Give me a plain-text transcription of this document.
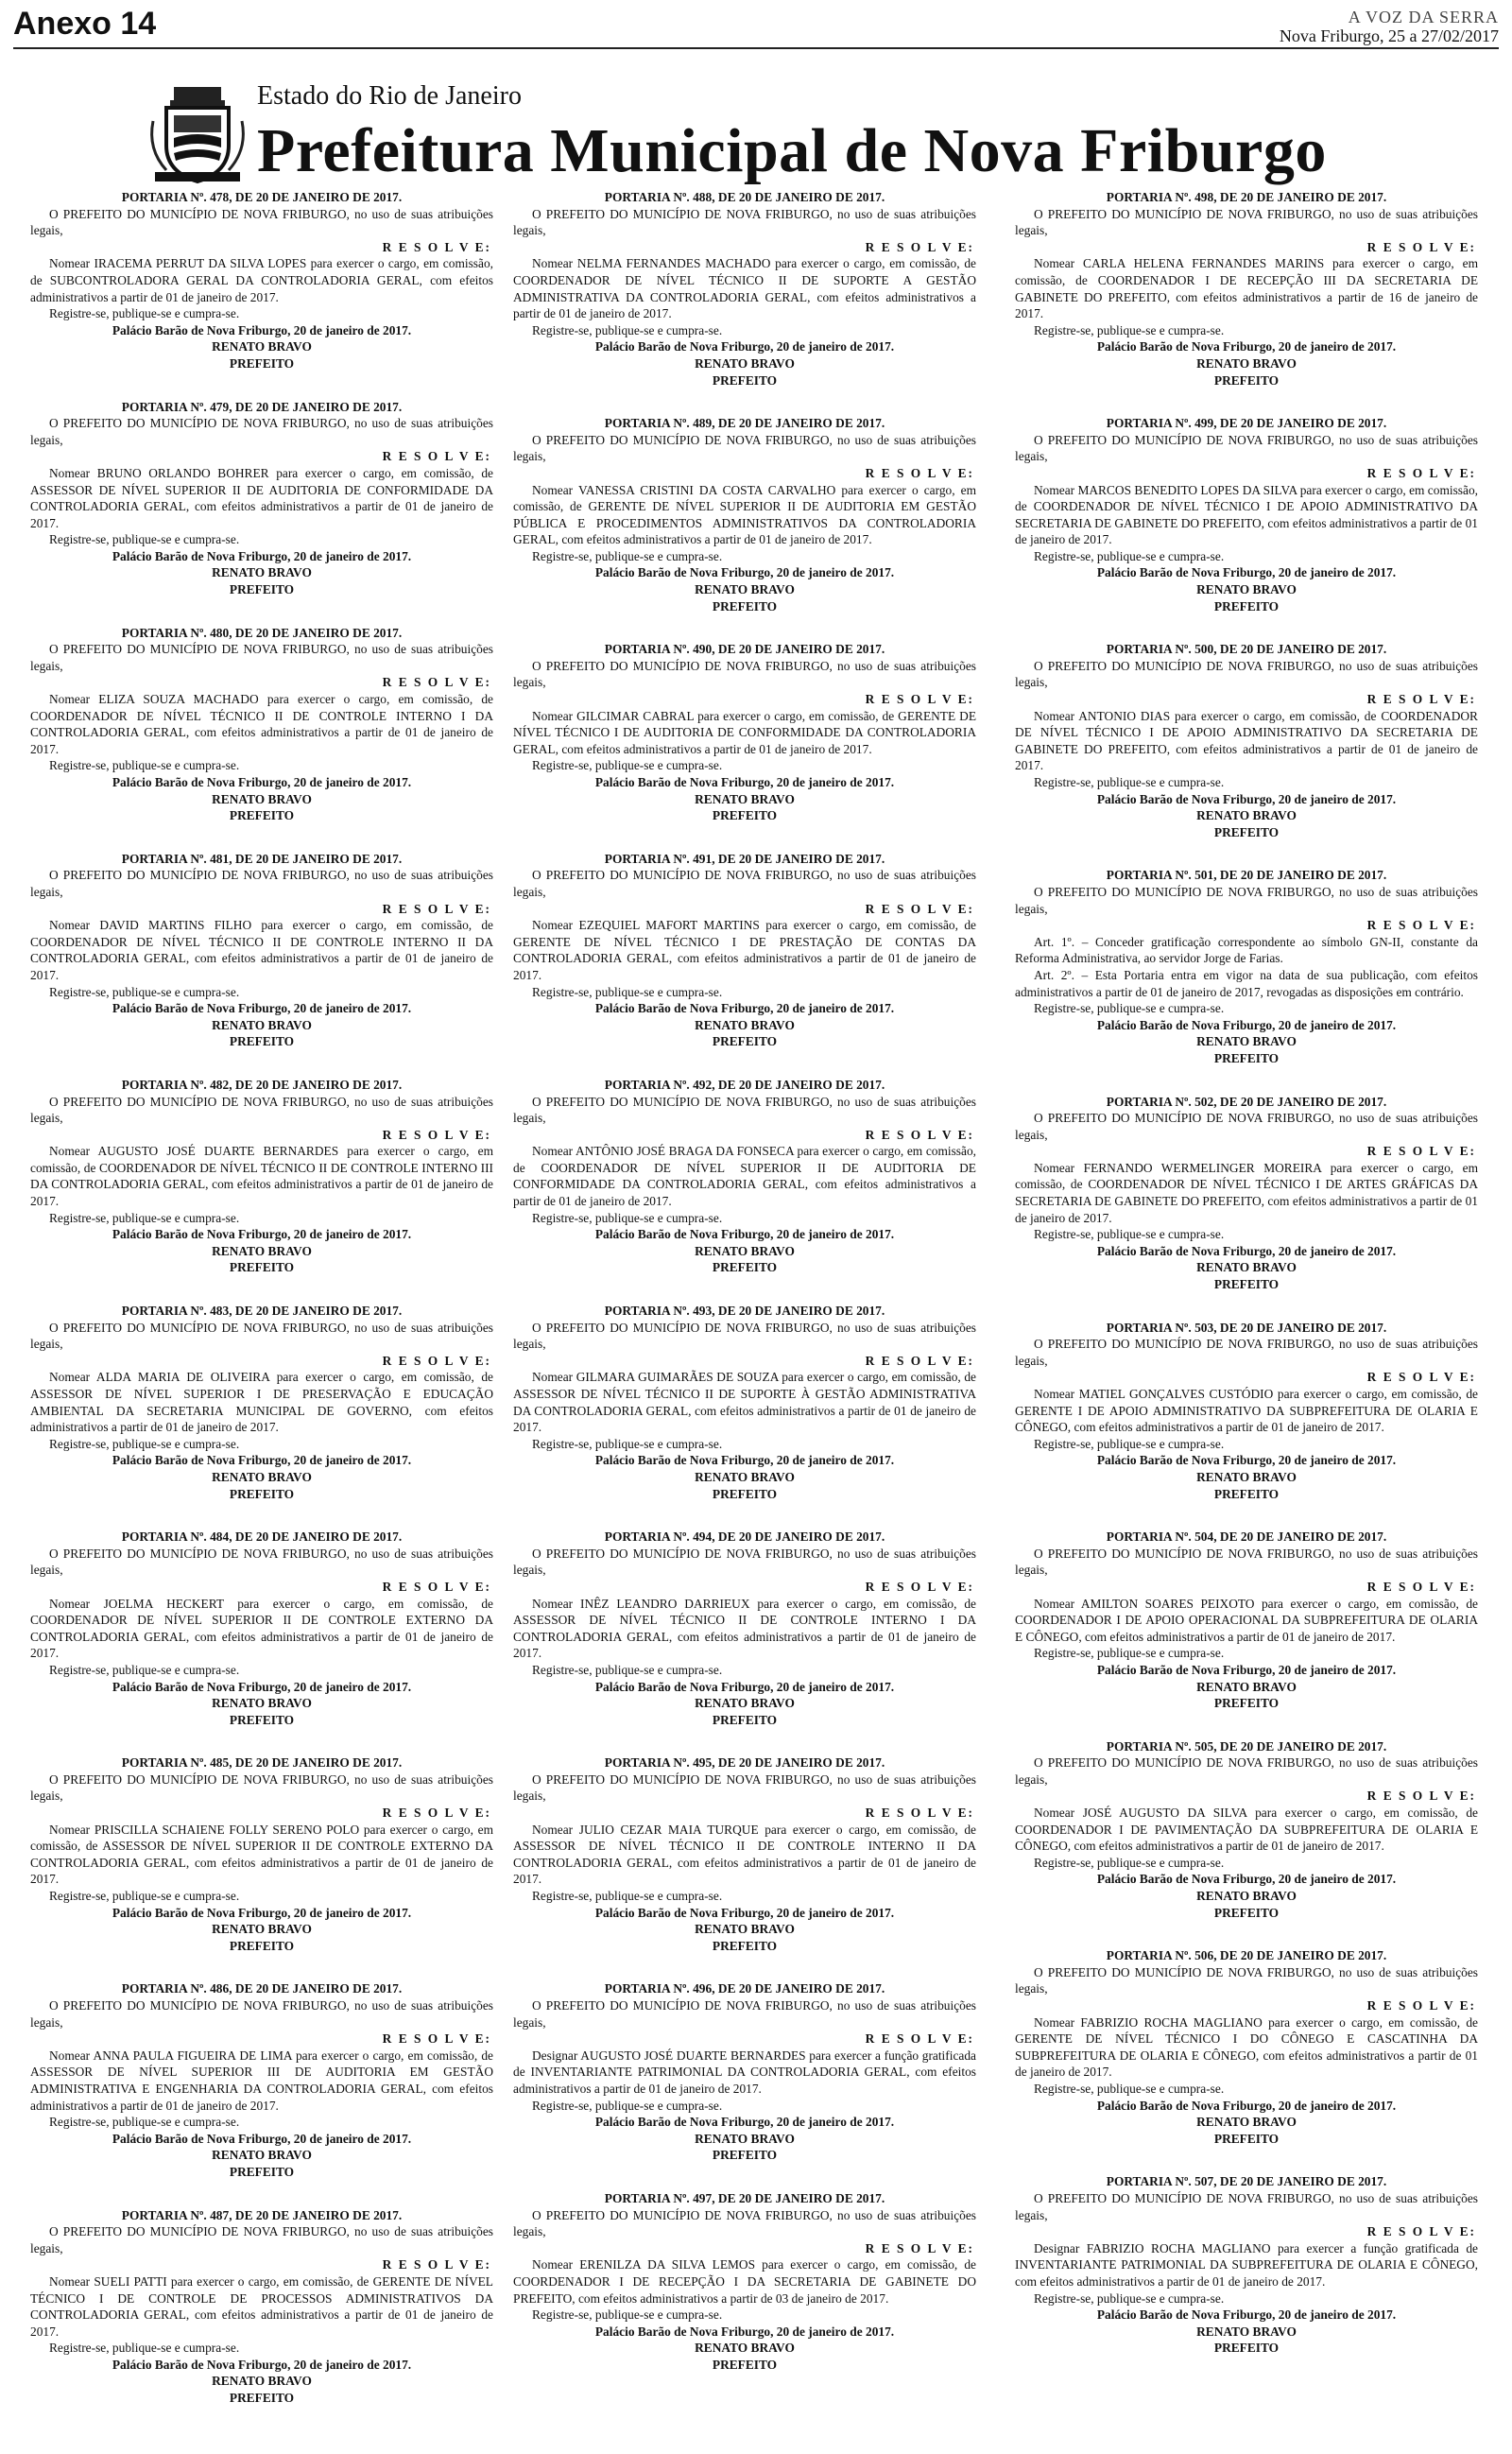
Anexo 14	A VOZ DA SERRA
Nova Friburgo, 25 a 27/02/2017
Estado do Rio de Janeiro
Prefeitura Municipal de Nova Friburgo

PORTARIA Nº. 478, DE 20 DE JANEIRO DE 2017.

O PREFEITO DO MUNICÍPIO DE NOVA FRIBURGO, no uso de suas atribuições legais,

R E S O L V E:

Nomear IRACEMA PERRUT DA SILVA LOPES para exercer o cargo, em comissão, de SUBCONTROLADORA GERAL DA CONTROLADORIA GERAL, com efeitos administrativos a partir de 01 de janeiro de 2017.

Registre-se, publique-se e cumpra-se.

Palácio Barão de Nova Friburgo, 20 de janeiro de 2017.

RENATO BRAVO

PREFEITO

PORTARIA Nº. 479, DE 20 DE JANEIRO DE 2017.

O PREFEITO DO MUNICÍPIO DE NOVA FRIBURGO, no uso de suas atribuições legais,

R E S O L V E:

Nomear BRUNO ORLANDO BOHRER para exercer o cargo, em comissão, de ASSESSOR DE NÍVEL SUPERIOR II DE AUDITORIA DE CONFORMIDADE DA CONTROLADORIA GERAL, com efeitos administrativos a partir de 01 de janeiro de 2017.

Registre-se, publique-se e cumpra-se.

Palácio Barão de Nova Friburgo, 20 de janeiro de 2017.

RENATO BRAVO

PREFEITO

PORTARIA Nº. 480, DE 20 DE JANEIRO DE 2017.

O PREFEITO DO MUNICÍPIO DE NOVA FRIBURGO, no uso de suas atribuições legais,

R E S O L V E:

Nomear ELIZA SOUZA MACHADO para exercer o cargo, em comissão, de COORDENADOR DE NÍVEL TÉCNICO II DE CONTROLE INTERNO I DA CONTROLADORIA GERAL, com efeitos administrativos a partir de 01 de janeiro de 2017.

Registre-se, publique-se e cumpra-se.

Palácio Barão de Nova Friburgo, 20 de janeiro de 2017.

RENATO BRAVO

PREFEITO

PORTARIA Nº. 481, DE 20 DE JANEIRO DE 2017.

O PREFEITO DO MUNICÍPIO DE NOVA FRIBURGO, no uso de suas atribuições legais,

R E S O L V E:

Nomear DAVID MARTINS FILHO para exercer o cargo, em comissão, de COORDENADOR DE NÍVEL TÉCNICO II DE CONTROLE INTERNO II DA CONTROLADORIA GERAL, com efeitos administrativos a partir de 01 de janeiro de 2017.

Registre-se, publique-se e cumpra-se.

Palácio Barão de Nova Friburgo, 20 de janeiro de 2017.

RENATO BRAVO

PREFEITO

PORTARIA Nº. 482, DE 20 DE JANEIRO DE 2017.

O PREFEITO DO MUNICÍPIO DE NOVA FRIBURGO, no uso de suas atribuições legais,

R E S O L V E:

Nomear AUGUSTO JOSÉ DUARTE BERNARDES para exercer o cargo, em comissão, de COORDENADOR DE NÍVEL TÉCNICO II DE CONTROLE INTERNO III DA CONTROLADORIA GERAL, com efeitos administrativos a partir de 01 de janeiro de 2017.

Registre-se, publique-se e cumpra-se.

Palácio Barão de Nova Friburgo, 20 de janeiro de 2017.

RENATO BRAVO

PREFEITO

PORTARIA Nº. 483, DE 20 DE JANEIRO DE 2017.

O PREFEITO DO MUNICÍPIO DE NOVA FRIBURGO, no uso de suas atribuições legais,

R E S O L V E:

Nomear ALDA MARIA DE OLIVEIRA para exercer o cargo, em comissão, de ASSESSOR DE NÍVEL SUPERIOR I DE PRESERVAÇÃO E EDUCAÇÃO AMBIENTAL DA SECRETARIA MUNICIPAL DE GOVERNO, com efeitos administrativos a partir de 01 de janeiro de 2017.

Registre-se, publique-se e cumpra-se.

Palácio Barão de Nova Friburgo, 20 de janeiro de 2017.

RENATO BRAVO

PREFEITO

PORTARIA Nº. 484, DE 20 DE JANEIRO DE 2017.

O PREFEITO DO MUNICÍPIO DE NOVA FRIBURGO, no uso de suas atribuições legais,

R E S O L V E:

Nomear JOELMA HECKERT para exercer o cargo, em comissão, de COORDENADOR DE NÍVEL SUPERIOR II DE CONTROLE EXTERNO DA CONTROLADORIA GERAL, com efeitos administrativos a partir de 01 de janeiro de 2017.

Registre-se, publique-se e cumpra-se.

Palácio Barão de Nova Friburgo, 20 de janeiro de 2017.

RENATO BRAVO

PREFEITO

PORTARIA Nº. 485, DE 20 DE JANEIRO DE 2017.

O PREFEITO DO MUNICÍPIO DE NOVA FRIBURGO, no uso de suas atribuições legais,

R E S O L V E:

Nomear PRISCILLA SCHAIENE FOLLY SERENO POLO para exercer o cargo, em comissão, de ASSESSOR DE NÍVEL SUPERIOR II DE CONTROLE EXTERNO DA CONTROLADORIA GERAL, com efeitos administrativos a partir de 01 de janeiro de 2017.

Registre-se, publique-se e cumpra-se.

Palácio Barão de Nova Friburgo, 20 de janeiro de 2017.

RENATO BRAVO

PREFEITO

PORTARIA Nº. 486, DE 20 DE JANEIRO DE 2017.

O PREFEITO DO MUNICÍPIO DE NOVA FRIBURGO, no uso de suas atribuições legais,

R E S O L V E:

Nomear ANNA PAULA FIGUEIRA DE LIMA para exercer o cargo, em comissão, de ASSESSOR DE NÍVEL SUPERIOR III DE AUDITORIA EM GESTÃO ADMINISTRATIVA E ENGENHARIA DA CONTROLADORIA GERAL, com efeitos administrativos a partir de 01 de janeiro de 2017.

Registre-se, publique-se e cumpra-se.

Palácio Barão de Nova Friburgo, 20 de janeiro de 2017.

RENATO BRAVO

PREFEITO

PORTARIA Nº. 487, DE 20 DE JANEIRO DE 2017.

O PREFEITO DO MUNICÍPIO DE NOVA FRIBURGO, no uso de suas atribuições legais,

R E S O L V E:

Nomear SUELI PATTI para exercer o cargo, em comissão, de GERENTE DE NÍVEL TÉCNICO I DE CONTROLE DE PROCESSOS ADMINISTRATIVOS DA CONTROLADORIA GERAL, com efeitos administrativos a partir de 01 de janeiro de 2017.

Registre-se, publique-se e cumpra-se.

Palácio Barão de Nova Friburgo, 20 de janeiro de 2017.

RENATO BRAVO

PREFEITO

PORTARIA Nº. 488, DE 20 DE JANEIRO DE 2017.

O PREFEITO DO MUNICÍPIO DE NOVA FRIBURGO, no uso de suas atribuições legais,

R E S O L V E:

Nomear NELMA FERNANDES MACHADO para exercer o cargo, em comissão, de COORDENADOR DE NÍVEL TÉCNICO II DE SUPORTE A GESTÃO ADMINISTRATIVA DA CONTROLADORIA GERAL, com efeitos administrativos a partir de 01 de janeiro de 2017.

Registre-se, publique-se e cumpra-se.

Palácio Barão de Nova Friburgo, 20 de janeiro de 2017.

RENATO BRAVO

PREFEITO

PORTARIA Nº. 489, DE 20 DE JANEIRO DE 2017.

O PREFEITO DO MUNICÍPIO DE NOVA FRIBURGO, no uso de suas atribuições legais,

R E S O L V E:

Nomear VANESSA CRISTINI DA COSTA CARVALHO para exercer o cargo, em comissão, de GERENTE DE NÍVEL SUPERIOR II DE AUDITORIA EM GESTÃO PÚBLICA E PROCEDIMENTOS ADMINISTRATIVOS DA CONTROLADORIA GERAL, com efeitos administrativos a partir de 01 de janeiro de 2017.

Registre-se, publique-se e cumpra-se.

Palácio Barão de Nova Friburgo, 20 de janeiro de 2017.

RENATO BRAVO

PREFEITO

PORTARIA Nº. 490, DE 20 DE JANEIRO DE 2017.

O PREFEITO DO MUNICÍPIO DE NOVA FRIBURGO, no uso de suas atribuições legais,

R E S O L V E:

Nomear GILCIMAR CABRAL para exercer o cargo, em comissão, de GERENTE DE NÍVEL TÉCNICO I DE AUDITORIA DE CONFORMIDADE DA CONTROLADORIA GERAL, com efeitos administrativos a partir de 01 de janeiro de 2017.

Registre-se, publique-se e cumpra-se.

Palácio Barão de Nova Friburgo, 20 de janeiro de 2017.

RENATO BRAVO

PREFEITO

PORTARIA Nº. 491, DE 20 DE JANEIRO DE 2017.

O PREFEITO DO MUNICÍPIO DE NOVA FRIBURGO, no uso de suas atribuições legais,

R E S O L V E:

Nomear EZEQUIEL MAFORT MARTINS para exercer o cargo, em comissão, de GERENTE DE NÍVEL TÉCNICO I DE PRESTAÇÃO DE CONTAS DA CONTROLADORIA GERAL, com efeitos administrativos a partir de 01 de janeiro de 2017.

Registre-se, publique-se e cumpra-se.

Palácio Barão de Nova Friburgo, 20 de janeiro de 2017.

RENATO BRAVO

PREFEITO

PORTARIA Nº. 492, DE 20 DE JANEIRO DE 2017.

O PREFEITO DO MUNICÍPIO DE NOVA FRIBURGO, no uso de suas atribuições legais,

R E S O L V E:

Nomear ANTÔNIO JOSÉ BRAGA DA FONSECA para exercer o cargo, em comissão, de COORDENADOR DE NÍVEL SUPERIOR II DE AUDITORIA DE CONFORMIDADE DA CONTROLADORIA GERAL, com efeitos administrativos a partir de 01 de janeiro de 2017.

Registre-se, publique-se e cumpra-se.

Palácio Barão de Nova Friburgo, 20 de janeiro de 2017.

RENATO BRAVO

PREFEITO

PORTARIA Nº. 493, DE 20 DE JANEIRO DE 2017.

O PREFEITO DO MUNICÍPIO DE NOVA FRIBURGO, no uso de suas atribuições legais,

R E S O L V E:

Nomear GILMARA GUIMARÃES DE SOUZA para exercer o cargo, em comissão, de ASSESSOR DE NÍVEL TÉCNICO II DE SUPORTE À GESTÃO ADMINISTRATIVA DA CONTROLADORIA GERAL, com efeitos administrativos a partir de 01 de janeiro de 2017.

Registre-se, publique-se e cumpra-se.

Palácio Barão de Nova Friburgo, 20 de janeiro de 2017.

RENATO BRAVO

PREFEITO

PORTARIA Nº. 494, DE 20 DE JANEIRO DE 2017.

O PREFEITO DO MUNICÍPIO DE NOVA FRIBURGO, no uso de suas atribuições legais,

R E S O L V E:

Nomear INÊZ LEANDRO DARRIEUX para exercer o cargo, em comissão, de ASSESSOR DE NÍVEL TÉCNICO II DE CONTROLE INTERNO I DA CONTROLADORIA GERAL, com efeitos administrativos a partir de 01 de janeiro de 2017.

Registre-se, publique-se e cumpra-se.

Palácio Barão de Nova Friburgo, 20 de janeiro de 2017.

RENATO BRAVO

PREFEITO

PORTARIA Nº. 495, DE 20 DE JANEIRO DE 2017.

O PREFEITO DO MUNICÍPIO DE NOVA FRIBURGO, no uso de suas atribuições legais,

R E S O L V E:

Nomear JULIO CEZAR MAIA TURQUE para exercer o cargo, em comissão, de ASSESSOR DE NÍVEL TÉCNICO II DE CONTROLE INTERNO II DA CONTROLADORIA GERAL, com efeitos administrativos a partir de 01 de janeiro de 2017.

Registre-se, publique-se e cumpra-se.

Palácio Barão de Nova Friburgo, 20 de janeiro de 2017.

RENATO BRAVO

PREFEITO

PORTARIA Nº. 496, DE 20 DE JANEIRO DE 2017.

O PREFEITO DO MUNICÍPIO DE NOVA FRIBURGO, no uso de suas atribuições legais,

R E S O L V E:

Designar AUGUSTO JOSÉ DUARTE BERNARDES para exercer a função gratificada de INVENTARIANTE PATRIMONIAL DA CONTROLADORIA GERAL, com efeitos administrativos a partir de 01 de janeiro de 2017.

Registre-se, publique-se e cumpra-se.

Palácio Barão de Nova Friburgo, 20 de janeiro de 2017.

RENATO BRAVO

PREFEITO

PORTARIA Nº. 497, DE 20 DE JANEIRO DE 2017.

O PREFEITO DO MUNICÍPIO DE NOVA FRIBURGO, no uso de suas atribuições legais,

R E S O L V E:

Nomear ERENILZA DA SILVA LEMOS para exercer o cargo, em comissão, de COORDENADOR I DE RECEPÇÃO I DA SECRETARIA DE GABINETE DO PREFEITO, com efeitos administrativos a partir de 03 de janeiro de 2017.

Registre-se, publique-se e cumpra-se.

Palácio Barão de Nova Friburgo, 20 de janeiro de 2017.

RENATO BRAVO

PREFEITO

PORTARIA Nº. 498, DE 20 DE JANEIRO DE 2017.

O PREFEITO DO MUNICÍPIO DE NOVA FRIBURGO, no uso de suas atribuições legais,

R E S O L V E:

Nomear CARLA HELENA FERNANDES MARINS para exercer o cargo, em comissão, de COORDENADOR I DE RECEPÇÃO III DA SECRETARIA DE GABINETE DO PREFEITO, com efeitos administrativos a partir de 16 de janeiro de 2017.

Registre-se, publique-se e cumpra-se.

Palácio Barão de Nova Friburgo, 20 de janeiro de 2017.

RENATO BRAVO

PREFEITO

PORTARIA Nº. 499, DE 20 DE JANEIRO DE 2017.

O PREFEITO DO MUNICÍPIO DE NOVA FRIBURGO, no uso de suas atribuições legais,

R E S O L V E:

Nomear MARCOS BENEDITO LOPES DA SILVA para exercer o cargo, em comissão, de COORDENADOR DE NÍVEL TÉCNICO I DE APOIO ADMINISTRATIVO DA SECRETARIA DE GABINETE DO PREFEITO, com efeitos administrativos a partir de 01 de janeiro de 2017.

Registre-se, publique-se e cumpra-se.

Palácio Barão de Nova Friburgo, 20 de janeiro de 2017.

RENATO BRAVO

PREFEITO

PORTARIA Nº. 500, DE 20 DE JANEIRO DE 2017.

O PREFEITO DO MUNICÍPIO DE NOVA FRIBURGO, no uso de suas atribuições legais,

R E S O L V E:

Nomear ANTONIO DIAS para exercer o cargo, em comissão, de COORDENADOR DE NÍVEL TÉCNICO I DE APOIO ADMINISTRATIVO DA SECRETARIA DE GABINETE DO PREFEITO, com efeitos administrativos a partir de 01 de janeiro de 2017.

Registre-se, publique-se e cumpra-se.

Palácio Barão de Nova Friburgo, 20 de janeiro de 2017.

RENATO BRAVO

PREFEITO

PORTARIA Nº. 501, DE 20 DE JANEIRO DE 2017.

O PREFEITO DO MUNICÍPIO DE NOVA FRIBURGO, no uso de suas atribuições legais,

R E S O L V E:

Art. 1º. – Conceder gratificação correspondente ao símbolo GN-II, constante da Reforma Administrativa, ao servidor Jorge de Farias.

Art. 2º. – Esta Portaria entra em vigor na data de sua publicação, com efeitos administrativos a partir de 01 de janeiro de 2017, revogadas as disposições em contrário.

Registre-se, publique-se e cumpra-se.

Palácio Barão de Nova Friburgo, 20 de janeiro de 2017.

RENATO BRAVO

PREFEITO

PORTARIA Nº. 502, DE 20 DE JANEIRO DE 2017.

O PREFEITO DO MUNICÍPIO DE NOVA FRIBURGO, no uso de suas atribuições legais,

R E S O L V E:

Nomear FERNANDO WERMELINGER MOREIRA para exercer o cargo, em comissão, de COORDENADOR DE NÍVEL TÉCNICO I DE ARTES GRÁFICAS DA SECRETARIA DE GABINETE DO PREFEITO, com efeitos administrativos a partir de 01 de janeiro de 2017.

Registre-se, publique-se e cumpra-se.

Palácio Barão de Nova Friburgo, 20 de janeiro de 2017.

RENATO BRAVO

PREFEITO

PORTARIA Nº. 503, DE 20 DE JANEIRO DE 2017.

O PREFEITO DO MUNICÍPIO DE NOVA FRIBURGO, no uso de suas atribuições legais,

R E S O L V E:

Nomear MATIEL GONÇALVES CUSTÓDIO para exercer o cargo, em comissão, de GERENTE I DE APOIO ADMINISTRATIVO DA SUBPREFEITURA DE OLARIA E CÔNEGO, com efeitos administrativos a partir de 01 de janeiro de 2017.

Registre-se, publique-se e cumpra-se.

Palácio Barão de Nova Friburgo, 20 de janeiro de 2017.

RENATO BRAVO

PREFEITO

PORTARIA Nº. 504, DE 20 DE JANEIRO DE 2017.

O PREFEITO DO MUNICÍPIO DE NOVA FRIBURGO, no uso de suas atribuições legais,

R E S O L V E:

Nomear AMILTON SOARES PEIXOTO para exercer o cargo, em comissão, de COORDENADOR I DE APOIO OPERACIONAL DA SUBPREFEITURA DE OLARIA E CÔNEGO, com efeitos administrativos a partir de 01 de janeiro de 2017.

Registre-se, publique-se e cumpra-se.

Palácio Barão de Nova Friburgo, 20 de janeiro de 2017.

RENATO BRAVO

PREFEITO

PORTARIA Nº. 505, DE 20 DE JANEIRO DE 2017.

O PREFEITO DO MUNICÍPIO DE NOVA FRIBURGO, no uso de suas atribuições legais,

R E S O L V E:

Nomear JOSÉ AUGUSTO DA SILVA para exercer o cargo, em comissão, de COORDENADOR I DE PAVIMENTAÇÃO DA SUBPREFEITURA DE OLARIA E CÔNEGO, com efeitos administrativos a partir de 01 de janeiro de 2017.

Registre-se, publique-se e cumpra-se.

Palácio Barão de Nova Friburgo, 20 de janeiro de 2017.

RENATO BRAVO

PREFEITO

PORTARIA Nº. 506, DE 20 DE JANEIRO DE 2017.

O PREFEITO DO MUNICÍPIO DE NOVA FRIBURGO, no uso de suas atribuições legais,

R E S O L V E:

Nomear FABRIZIO ROCHA MAGLIANO para exercer o cargo, em comissão, de GERENTE DE NÍVEL TÉCNICO I DO CÔNEGO E CASCATINHA DA SUBPREFEITURA DE OLARIA E CÔNEGO, com efeitos administrativos a partir de 01 de janeiro de 2017.

Registre-se, publique-se e cumpra-se.

Palácio Barão de Nova Friburgo, 20 de janeiro de 2017.

RENATO BRAVO

PREFEITO

PORTARIA Nº. 507, DE 20 DE JANEIRO DE 2017.

O PREFEITO DO MUNICÍPIO DE NOVA FRIBURGO, no uso de suas atribuições legais,

R E S O L V E:

Designar FABRIZIO ROCHA MAGLIANO para exercer a função gratificada de INVENTARIANTE PATRIMONIAL DA SUBPREFEITURA DE OLARIA E CÔNEGO, com efeitos administrativos a partir de 01 de janeiro de 2017.

Registre-se, publique-se e cumpra-se.

Palácio Barão de Nova Friburgo, 20 de janeiro de 2017.

RENATO BRAVO

PREFEITO
